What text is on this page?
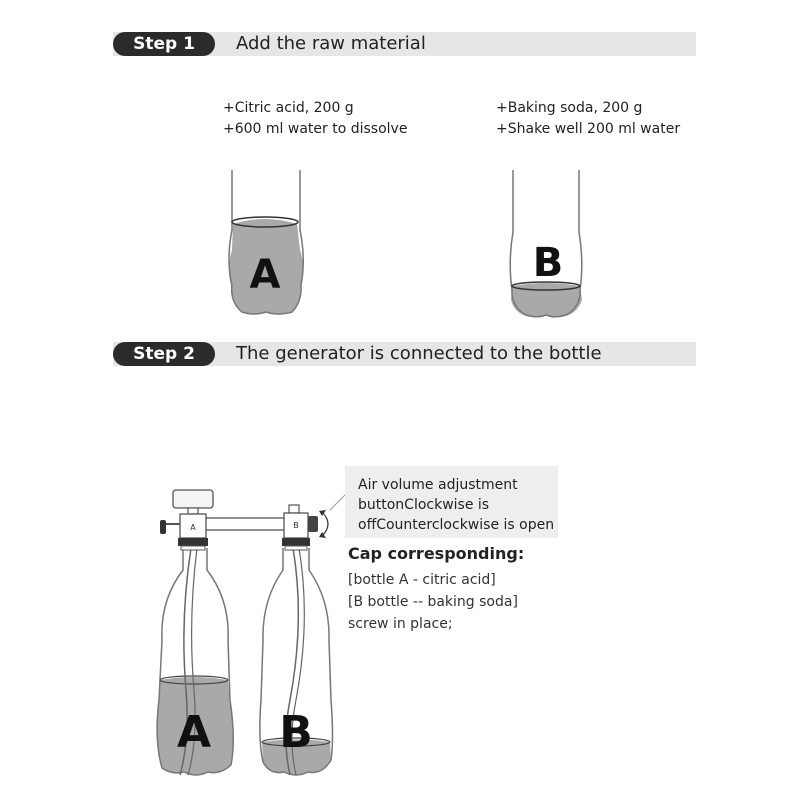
Step 1	Add the raw material
+Citric acid, 200 g
+600 ml water to dissolve
+Baking soda, 200 g
+Shake well 200 ml water
A	B
Step 2	The generator is connected to the bottle
Air volume adjustment
buttonClockwise is
offCounterclockwise is open
Cap corresponding:
[bottle A - citric acid]
[B bottle -- baking soda]
screw in place;
A B
A	B
